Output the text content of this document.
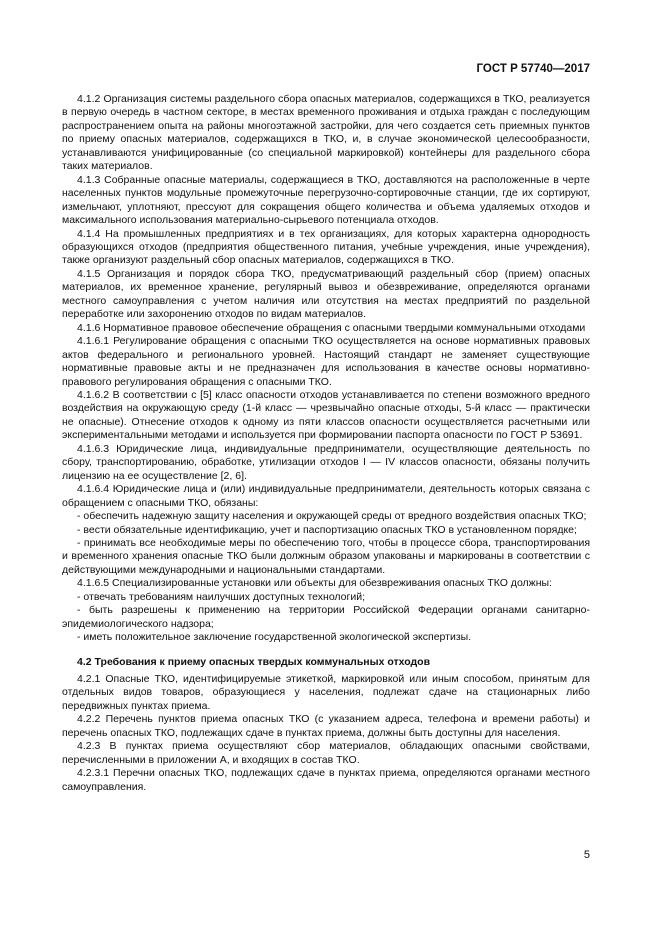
ГОСТ Р 57740—2017

4.1.2 Организация системы раздельного сбора опасных материалов, содержащихся в ТКО, реализуется в первую очередь в частном секторе, в местах временного проживания и отдыха граждан с последующим распространением опыта на районы многоэтажной застройки, для чего создается сеть приемных пунктов по приему опасных материалов, содержащихся в ТКО, и, в случае экономической целесообразности, устанавливаются унифицированные (со специальной маркировкой) контейнеры для раздельного сбора таких материалов.

4.1.3 Собранные опасные материалы, содержащиеся в ТКО, доставляются на расположенные в черте населенных пунктов модульные промежуточные перегрузочно-сортировочные станции, где их сортируют, измельчают, уплотняют, прессуют для сокращения общего количества и объема удаляемых отходов и максимального использования материально-сырьевого потенциала отходов.

4.1.4 На промышленных предприятиях и в тех организациях, для которых характерна однородность образующихся отходов (предприятия общественного питания, учебные учреждения, иные учреждения), также организуют раздельный сбор опасных материалов, содержащихся в ТКО.

4.1.5 Организация и порядок сбора ТКО, предусматривающий раздельный сбор (прием) опасных материалов, их временное хранение, регулярный вывоз и обезвреживание, определяются органами местного самоуправления с учетом наличия или отсутствия на местах предприятий по раздельной переработке или захоронению отходов по видам материалов.

4.1.6 Нормативное правовое обеспечение обращения с опасными твердыми коммунальными отходами

4.1.6.1 Регулирование обращения с опасными ТКО осуществляется на основе нормативных правовых актов федерального и регионального уровней. Настоящий стандарт не заменяет существующие нормативные правовые акты и не предназначен для использования в качестве основы нормативно-правового регулирования обращения с опасными ТКО.

4.1.6.2 В соответствии с [5] класс опасности отходов устанавливается по степени возможного вредного воздействия на окружающую среду (1-й класс — чрезвычайно опасные отходы, 5-й класс — практически не опасные). Отнесение отходов к одному из пяти классов опасности осуществляется расчетными или экспериментальными методами и используется при формировании паспорта опасности по ГОСТ Р 53691.

4.1.6.3 Юридические лица, индивидуальные предприниматели, осуществляющие деятельность по сбору, транспортированию, обработке, утилизации отходов I — IV классов опасности, обязаны получить лицензию на ее осуществление [2, 6].

4.1.6.4 Юридические лица и (или) индивидуальные предприниматели, деятельность которых связана с обращением с опасными ТКО, обязаны:

- обеспечить надежную защиту населения и окружающей среды от вредного воздействия опасных ТКО;

- вести обязательные идентификацию, учет и паспортизацию опасных ТКО в установленном порядке;

- принимать все необходимые меры по обеспечению того, чтобы в процессе сбора, транспортирования и временного хранения опасные ТКО были должным образом упакованы и маркированы в соответствии с действующими международными и национальными стандартами.

4.1.6.5 Специализированные установки или объекты для обезвреживания опасных ТКО должны:

- отвечать требованиям наилучших доступных технологий;

- быть разрешены к применению на территории Российской Федерации органами санитарно-эпидемиологического надзора;

- иметь положительное заключение государственной экологической экспертизы.

4.2 Требования к приему опасных твердых коммунальных отходов

4.2.1 Опасные ТКО, идентифицируемые этикеткой, маркировкой или иным способом, принятым для отдельных видов товаров, образующиеся у населения, подлежат сдаче на стационарных либо передвижных пунктах приема.

4.2.2 Перечень пунктов приема опасных ТКО (с указанием адреса, телефона и времени работы) и перечень опасных ТКО, подлежащих сдаче в пунктах приема, должны быть доступны для населения.

4.2.3 В пунктах приема осуществляют сбор материалов, обладающих опасными свойствами, перечисленными в приложении А, и входящих в состав ТКО.

4.2.3.1 Перечни опасных ТКО, подлежащих сдаче в пунктах приема, определяются органами местного самоуправления.

5
